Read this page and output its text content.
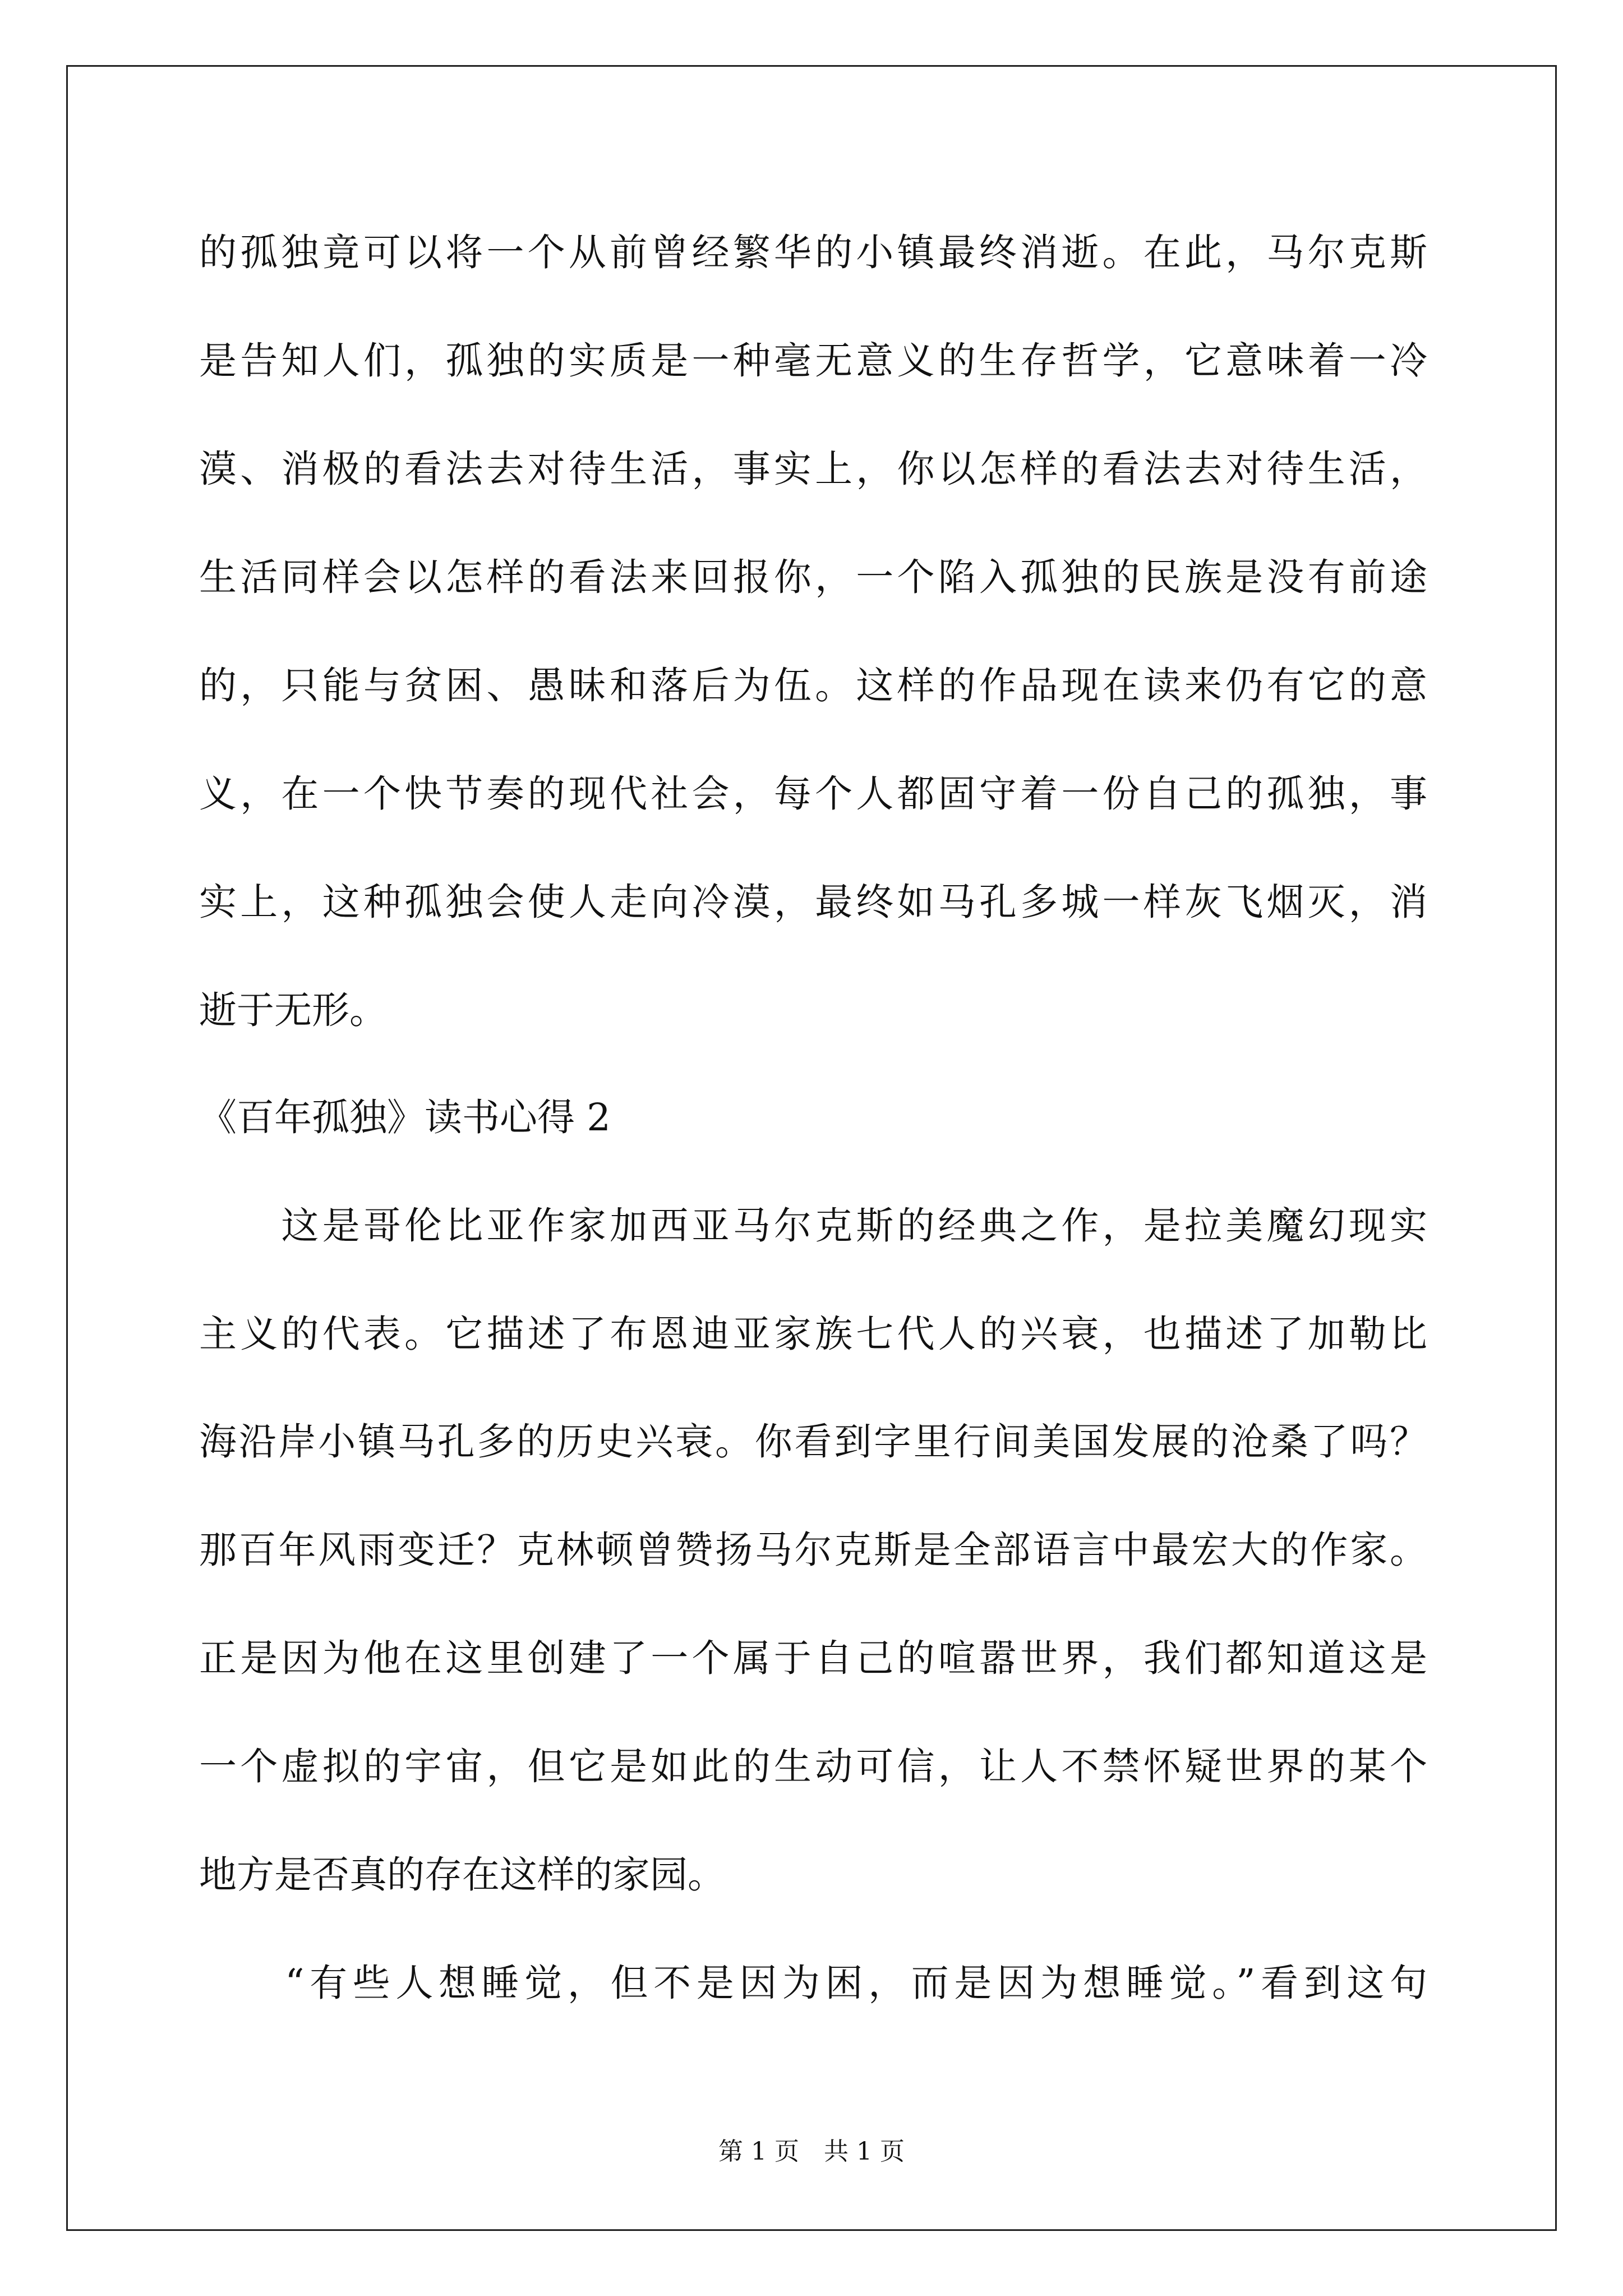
的孤独竟可以将一个从前曾经繁华的小镇最终消逝。在此，马尔克斯
是告知人们，孤独的实质是一种毫无意义的生存哲学，它意味着一冷
漠、消极的看法去对待生活，事实上，你以怎样的看法去对待生活，
生活同样会以怎样的看法来回报你，一个陷入孤独的民族是没有前途
的，只能与贫困、愚昧和落后为伍。这样的作品现在读来仍有它的意
义，在一个快节奏的现代社会，每个人都固守着一份自己的孤独，事
实上，这种孤独会使人走向冷漠，最终如马孔多城一样灰飞烟灭，消
逝于无形。
《百年孤独》读书心得 2
　　这是哥伦比亚作家加西亚马尔克斯的经典之作，是拉美魔幻现实
主义的代表。它描述了布恩迪亚家族七代人的兴衰，也描述了加勒比
海沿岸小镇马孔多的历史兴衰。你看到字里行间美国发展的沧桑了吗？
那百年风雨变迁？克林顿曾赞扬马尔克斯是全部语言中最宏大的作家。
正是因为他在这里创建了一个属于自己的喧嚣世界，我们都知道这是
一个虚拟的宇宙，但它是如此的生动可信，让人不禁怀疑世界的某个
地方是否真的存在这样的家园。
　　“有些人想睡觉，但不是因为困，而是因为想睡觉。”看到这句
第 1 页　共 1 页
